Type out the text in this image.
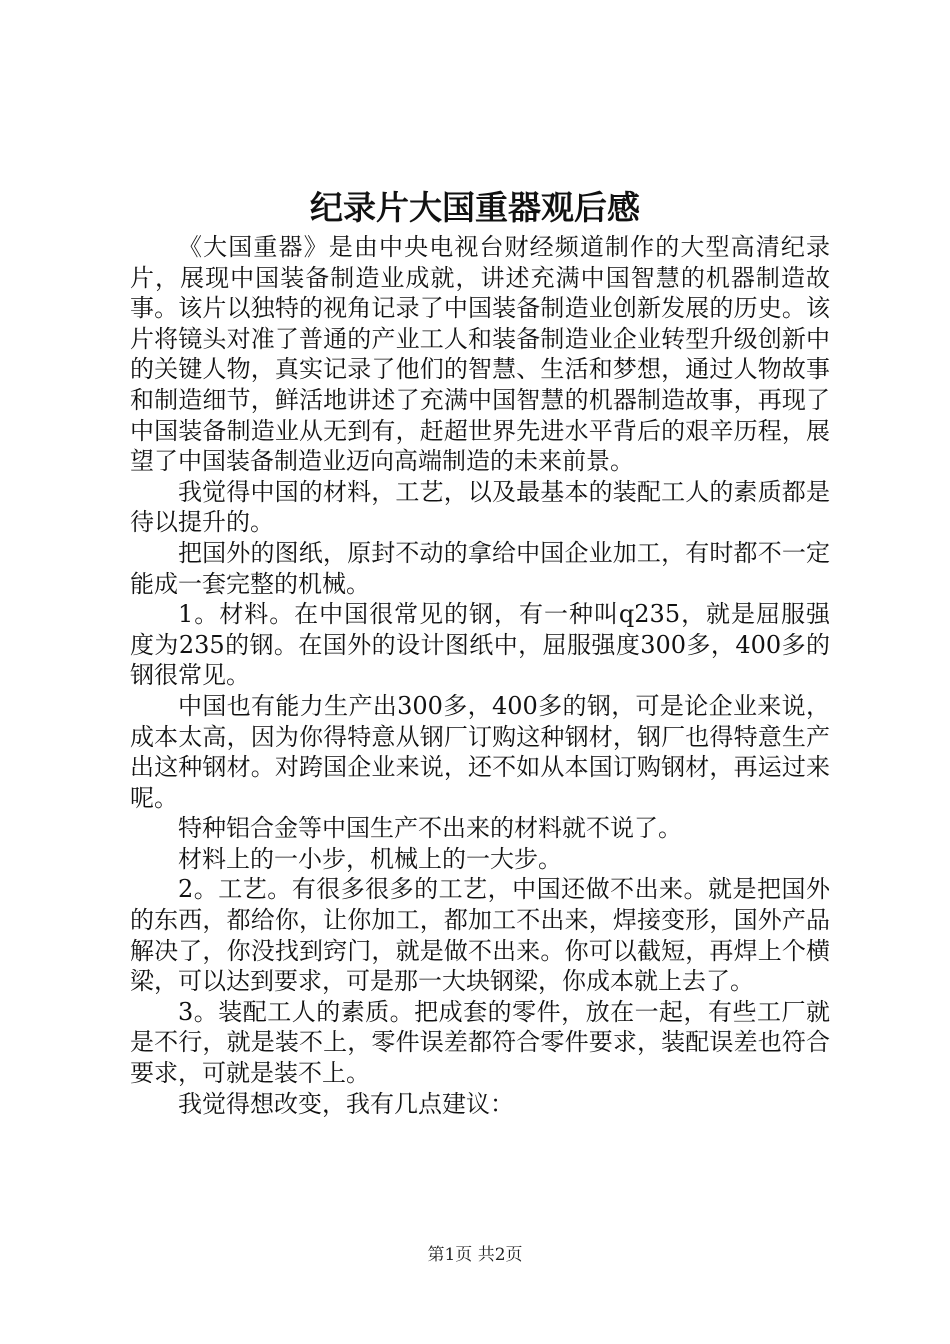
纪录片大国重器观后感

《大国重器》是由中央电视台财经频道制作的大型高清纪录片，展现中国装备制造业成就，讲述充满中国智慧的机器制造故事。该片以独特的视角记录了中国装备制造业创新发展的历史。该片将镜头对准了普通的产业工人和装备制造业企业转型升级创新中的关键人物，真实记录了他们的智慧、生活和梦想，通过人物故事和制造细节，鲜活地讲述了充满中国智慧的机器制造故事，再现了中国装备制造业从无到有，赶超世界先进水平背后的艰辛历程，展望了中国装备制造业迈向高端制造的未来前景。

我觉得中国的材料，工艺，以及最基本的装配工人的素质都是待以提升的。

把国外的图纸，原封不动的拿给中国企业加工，有时都不一定能成一套完整的机械。

1。材料。在中国很常见的钢，有一种叫q235，就是屈服强度为235的钢。在国外的设计图纸中，屈服强度300多，400多的钢很常见。

中国也有能力生产出300多，400多的钢，可是论企业来说，成本太高，因为你得特意从钢厂订购这种钢材，钢厂也得特意生产出这种钢材。对跨国企业来说，还不如从本国订购钢材，再运过来呢。

特种铝合金等中国生产不出来的材料就不说了。

材料上的一小步，机械上的一大步。

2。工艺。有很多很多的工艺，中国还做不出来。就是把国外的东西，都给你，让你加工，都加工不出来，焊接变形，国外产品解决了，你没找到窍门，就是做不出来。你可以截短，再焊上个横梁，可以达到要求，可是那一大块钢梁，你成本就上去了。

3。装配工人的素质。把成套的零件，放在一起，有些工厂就是不行，就是装不上，零件误差都符合零件要求，装配误差也符合要求，可就是装不上。

我觉得想改变，我有几点建议：

第1页 共2页
